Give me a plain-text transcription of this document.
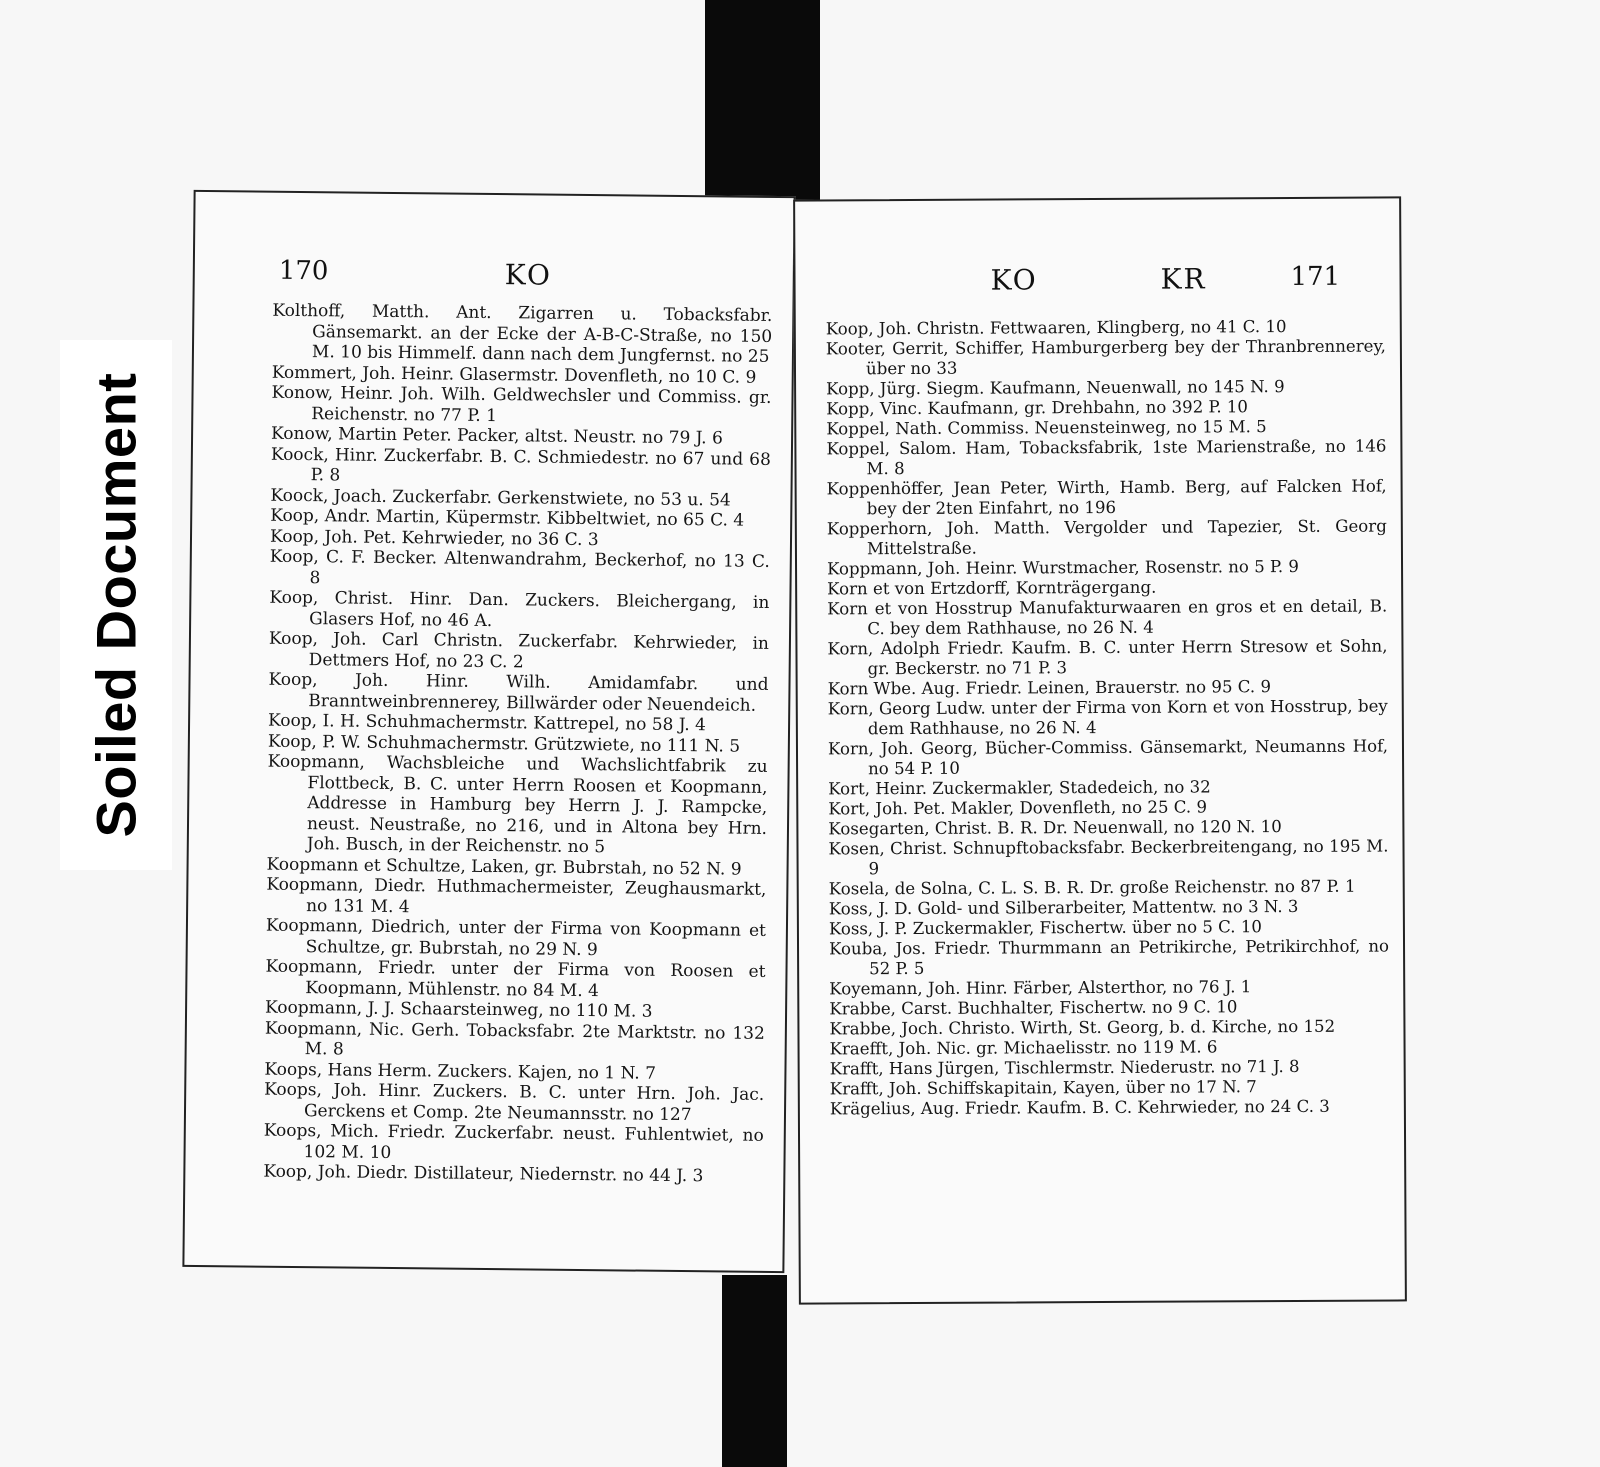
Soiled Document
170	KO

Kolthoff, Matth. Ant. Zigarren u. Tobacksfabr. Gänsemarkt. an der Ecke der A-B-C-Straße, no 150 M. 10 bis Himmelf. dann nach dem Jungfernst. no 25

Kommert, Joh. Heinr. Glasermstr. Dovenfleth, no 10 C. 9

Konow, Heinr. Joh. Wilh. Geldwechsler und Commiss. gr. Reichenstr. no 77 P. 1

Konow, Martin Peter. Packer, altst. Neustr. no 79 J. 6

Koock, Hinr. Zuckerfabr. B. C. Schmiedestr. no 67 und 68 P. 8

Koock, Joach. Zuckerfabr. Gerkenstwiete, no 53 u. 54

Koop, Andr. Martin, Küpermstr. Kibbeltwiet, no 65 C. 4

Koop, Joh. Pet. Kehrwieder, no 36 C. 3

Koop, C. F. Becker. Altenwandrahm, Beckerhof, no 13 C. 8

Koop, Christ. Hinr. Dan. Zuckers. Bleichergang, in Glasers Hof, no 46 A.

Koop, Joh. Carl Christn. Zuckerfabr. Kehrwieder, in Dettmers Hof, no 23 C. 2

Koop, Joh. Hinr. Wilh. Amidamfabr. und Branntweinbrennerey, Billwärder oder Neuendeich.

Koop, I. H. Schuhmachermstr. Kattrepel, no 58 J. 4

Koop, P. W. Schuhmachermstr. Grützwiete, no 111 N. 5

Koopmann, Wachsbleiche und Wachslichtfabrik zu Flottbeck, B. C. unter Herrn Roosen et Koopmann, Addresse in Hamburg bey Herrn J. J. Rampcke, neust. Neustraße, no 216, und in Altona bey Hrn. Joh. Busch, in der Reichenstr. no 5

Koopmann et Schultze, Laken, gr. Bubrstah, no 52 N. 9

Koopmann, Diedr. Huthmachermeister, Zeughausmarkt, no 131 M. 4

Koopmann, Diedrich, unter der Firma von Koopmann et Schultze, gr. Bubrstah, no 29 N. 9

Koopmann, Friedr. unter der Firma von Roosen et Koopmann, Mühlenstr. no 84 M. 4

Koopmann, J. J. Schaarsteinweg, no 110 M. 3

Koopmann, Nic. Gerh. Tobacksfabr. 2te Marktstr. no 132 M. 8

Koops, Hans Herm. Zuckers. Kajen, no 1 N. 7

Koops, Joh. Hinr. Zuckers. B. C. unter Hrn. Joh. Jac. Gerckens et Comp. 2te Neumannsstr. no 127

Koops, Mich. Friedr. Zuckerfabr. neust. Fuhlentwiet, no 102 M. 10

Koop, Joh. Diedr. Distillateur, Niedernstr. no 44 J. 3

KO	KR	171

Koop, Joh. Christn. Fettwaaren, Klingberg, no 41 C. 10

Kooter, Gerrit, Schiffer, Hamburgerberg bey der Thranbrennerey, über no 33

Kopp, Jürg. Siegm. Kaufmann, Neuenwall, no 145 N. 9

Kopp, Vinc. Kaufmann, gr. Drehbahn, no 392 P. 10

Koppel, Nath. Commiss. Neuensteinweg, no 15 M. 5

Koppel, Salom. Ham, Tobacksfabrik, 1ste Marienstraße, no 146 M. 8

Koppenhöffer, Jean Peter, Wirth, Hamb. Berg, auf Falcken Hof, bey der 2ten Einfahrt, no 196

Kopperhorn, Joh. Matth. Vergolder und Tapezier, St. Georg Mittelstraße.

Koppmann, Joh. Heinr. Wurstmacher, Rosenstr. no 5 P. 9

Korn et von Ertzdorff, Kornträgergang.

Korn et von Hosstrup Manufakturwaaren en gros et en detail, B. C. bey dem Rathhause, no 26 N. 4

Korn, Adolph Friedr. Kaufm. B. C. unter Herrn Stresow et Sohn, gr. Beckerstr. no 71 P. 3

Korn Wbe. Aug. Friedr. Leinen, Brauerstr. no 95 C. 9

Korn, Georg Ludw. unter der Firma von Korn et von Hosstrup, bey dem Rathhause, no 26 N. 4

Korn, Joh. Georg, Bücher-Commiss. Gänsemarkt, Neumanns Hof, no 54 P. 10

Kort, Heinr. Zuckermakler, Stadedeich, no 32

Kort, Joh. Pet. Makler, Dovenfleth, no 25 C. 9

Kosegarten, Christ. B. R. Dr. Neuenwall, no 120 N. 10

Kosen, Christ. Schnupftobacksfabr. Beckerbreitengang, no 195 M. 9

Kosela, de Solna, C. L. S. B. R. Dr. große Reichenstr. no 87 P. 1

Koss, J. D. Gold- und Silberarbeiter, Mattentw. no 3 N. 3

Koss, J. P. Zuckermakler, Fischertw. über no 5 C. 10

Kouba, Jos. Friedr. Thurmmann an Petrikirche, Petrikirchhof, no 52 P. 5

Koyemann, Joh. Hinr. Färber, Alsterthor, no 76 J. 1

Krabbe, Carst. Buchhalter, Fischertw. no 9 C. 10

Krabbe, Joch. Christo. Wirth, St. Georg, b. d. Kirche, no 152

Kraefft, Joh. Nic. gr. Michaelisstr. no 119 M. 6

Krafft, Hans Jürgen, Tischlermstr. Niederustr. no 71 J. 8

Krafft, Joh. Schiffskapitain, Kayen, über no 17 N. 7

Krägelius, Aug. Friedr. Kaufm. B. C. Kehrwieder, no 24 C. 3
